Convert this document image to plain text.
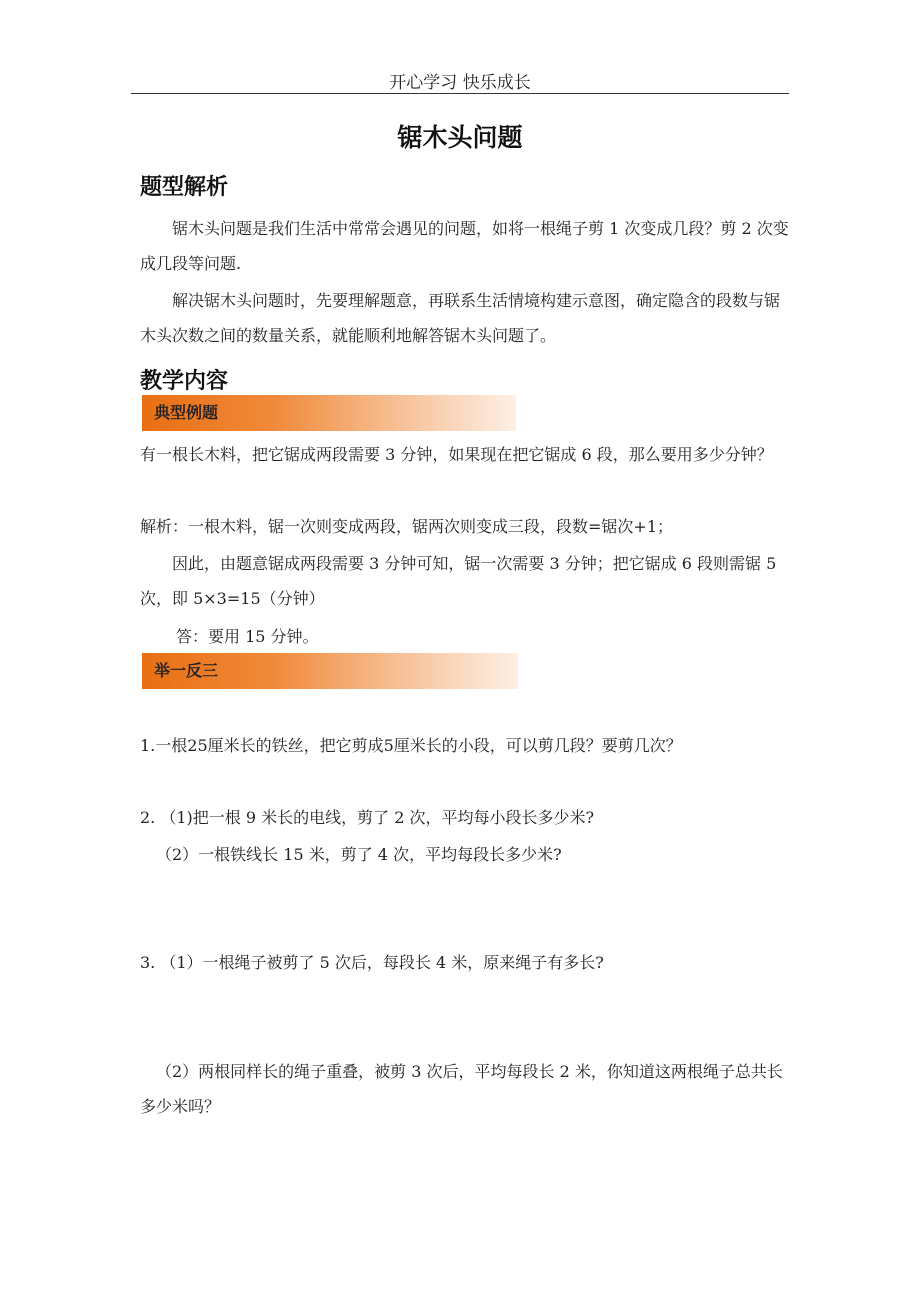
开心学习 快乐成长
锯木头问题
题型解析
锯木头问题是我们生活中常常会遇见的问题，如将一根绳子剪 1 次变成几段？剪 2 次变成几段等问题.
解决锯木头问题时，先要理解题意，再联系生活情境构建示意图，确定隐含的段数与锯木头次数之间的数量关系，就能顺利地解答锯木头问题了。
教学内容
典型例题
有一根长木料，把它锯成两段需要 3 分钟，如果现在把它锯成 6 段，那么要用多少分钟？
解析：一根木料，锯一次则变成两段，锯两次则变成三段，段数=锯次+1；
因此，由题意锯成两段需要 3 分钟可知，锯一次需要 3 分钟；把它锯成 6 段则需锯 5 次，即 5×3=15（分钟）
答：要用 15 分钟。
举一反三
1.一根25厘米长的铁丝，把它剪成5厘米长的小段，可以剪几段？要剪几次？
2. （1)把一根 9 米长的电线，剪了 2 次，平均每小段长多少米?
（2）一根铁线长 15 米，剪了 4 次，平均每段长多少米?
3. （1）一根绳子被剪了 5 次后，每段长 4 米，原来绳子有多长?
（2）两根同样长的绳子重叠，被剪 3 次后，平均每段长 2 米，你知道这两根绳子总共长多少米吗？
